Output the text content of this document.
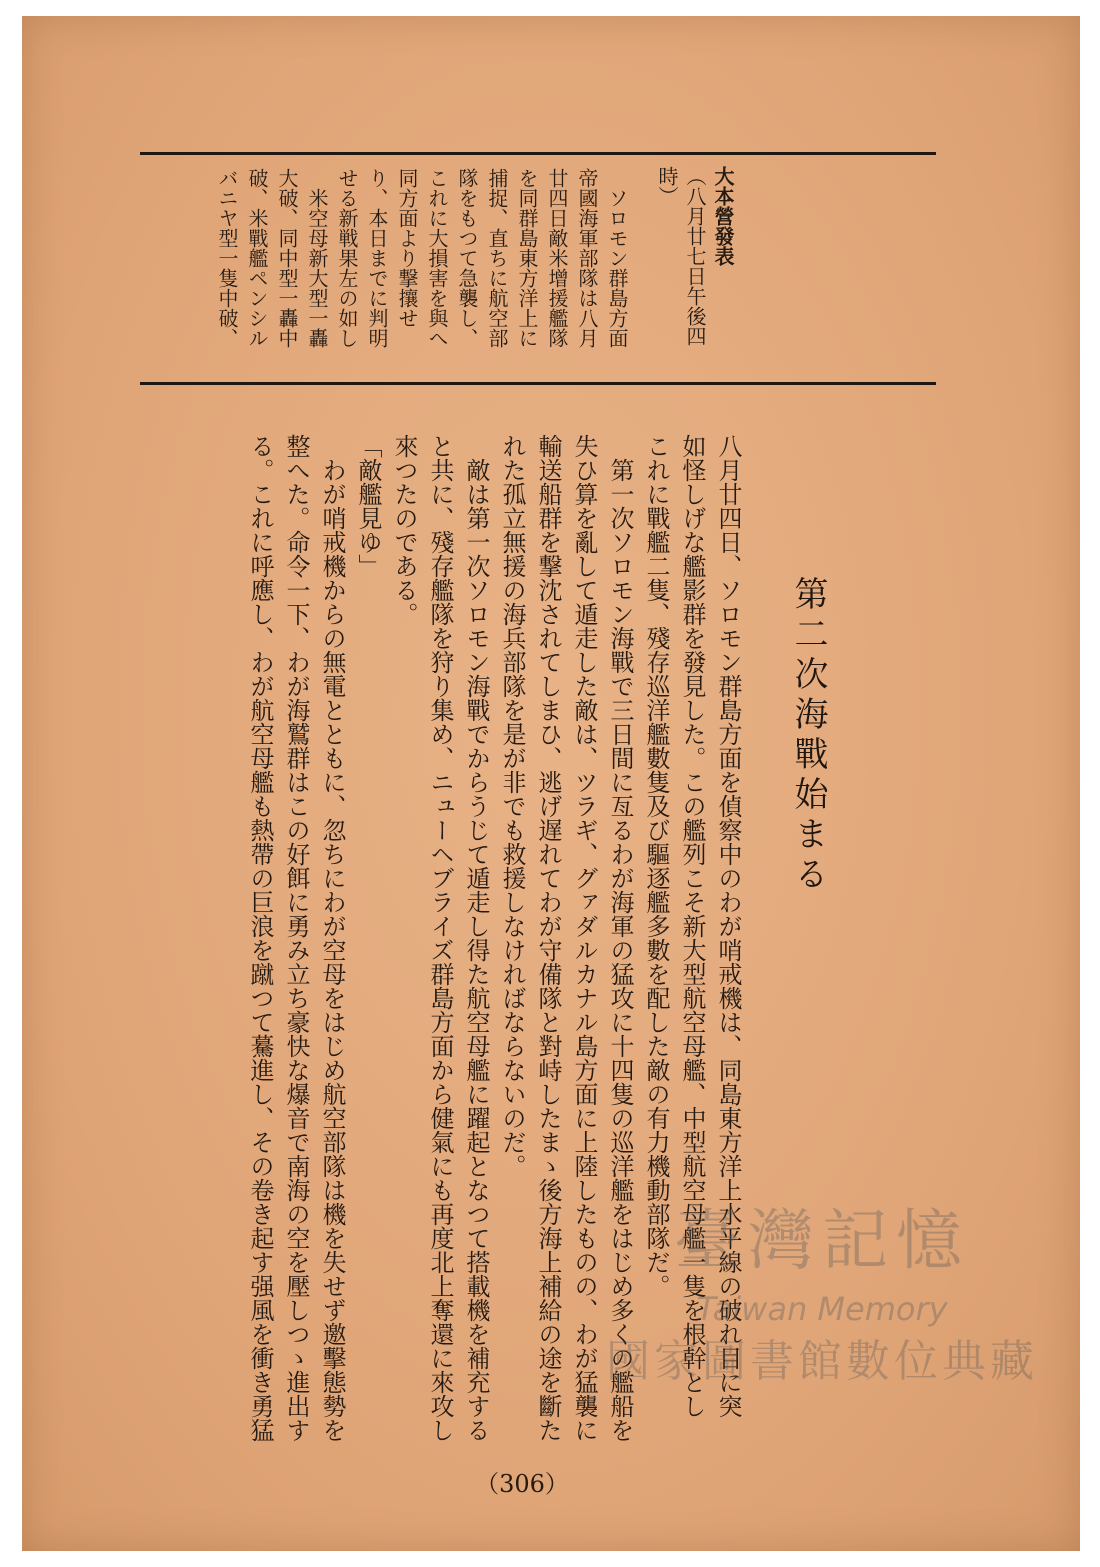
大本營發表
（八月廿七日午後四
時）
　ソロモン群島方面
帝國海軍部隊は八月
廿四日敵米增援艦隊
を同群島東方洋上に
捕捉、直ちに航空部
隊をもつて急襲し、
これに大損害を與へ
同方面より撃攘せ
り、本日までに判明
せる新戦果左の如し
　米空母新大型一轟
大破、同中型一轟中
破、米戰艦ペンシル
バニヤ型一隻中破、
第二次海戰始まる
八月廿四日、ソロモン群島方面を偵察中のわが哨戒機は、同島東方洋上水平線の破れ目に突
如怪しげな艦影群を發見した。この艦列こそ新大型航空母艦、中型航空母艦一隻を根幹とし
これに戰艦二隻、殘存巡洋艦數隻及び驅逐艦多數を配した敵の有力機動部隊だ。
　第一次ソロモン海戰で三日間に亙るわが海軍の猛攻に十四隻の巡洋艦をはじめ多くの艦船を
失ひ算を亂して遁走した敵は、ツラギ、グァダルカナル島方面に上陸したものの、わが猛襲に
輸送船群を撃沈されてしまひ、逃げ遅れてわが守備隊と對峙したまゝ後方海上補給の途を斷た
れた孤立無援の海兵部隊を是が非でも救援しなければならないのだ。
　敵は第一次ソロモン海戰でからうじて遁走し得た航空母艦に躍起となつて搭載機を補充する
と共に、殘存艦隊を狩り集め、ニューヘブライズ群島方面から健氣にも再度北上奪還に來攻し
來つたのである。
「敵艦見ゆ」
　わが哨戒機からの無電とともに、忽ちにわが空母をはじめ航空部隊は機を失せず邀擊態勢を
整へた。命令一下、わが海鷲群はこの好餌に勇み立ち豪快な爆音で南海の空を壓しつゝ進出す
る。これに呼應し、わが航空母艦も熱帶の巨浪を蹴つて驀進し、その卷き起す强風を衝き勇猛	臺灣記憶
Taiwan Memory
國家圖書館數位典藏
（306）
